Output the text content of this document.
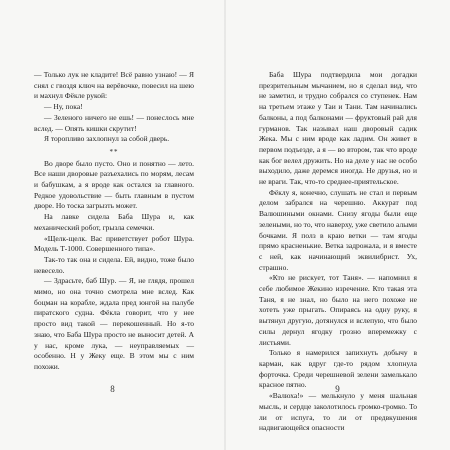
— Только лук не кладите! Всё равно узнаю! — Я снял с гвоздя ключ на верёвочке, повесил на шею и махнул Фёкле рукой:

— Ну, пока!

— Зеленого ничего не ешь! — понеслось мне вслед. — Опять кишки скрутит!

Я торопливо захлопнул за собой дверь.

**

Во дворе было пусто. Оно и понятно — лето. Все наши дворовые разъехались по морям, лесам и бабушкам, а я вроде как остался за главного. Редкое удовольствие — быть главным в пустом дворе. Но тоска загрызть может.

На лавке сидела Баба Шура и, как механический робот, грызла семечки.

«Щелк-щелк. Вас приветствует робот Шура. Модель Т-1000. Совершенного типа».

Так-то так она и сидела. Ей, видно, тоже было невесело.

— Здрасьте, баб Шур. — Я, не глядя, прошел мимо, но она точно смотрела мне вслед. Как боцман на корабле, ждала пред юнгой на палубе пиратского судна. Фёкла говорит, что у нее просто вид такой — перекошенный. Но я-то знаю, что Баба Шура просто не выносит детей. А у нас, кроме лука, — неуправляемых — особенно. Н у Жеку еще. В этом мы с ним похожи.

8

Баба Шура подтвердила мои догадки презрительным мычанием, но я сделал вид, что не заметил, и трудно собрался со ступенек. Нам на третьем этаже у Таи и Тани. Там начинались балконы, а под балконами — фруктовый рай для гурманов. Так называл наш дворовый садик Жека. Мы с ним вроде как ладим. Он живет в первом подъезде, а я — во втором, так что вроде как бог велел дружить. Но на деле у нас не особо выходило, даже деремся иногда. Не друзья, но и не враги. Так, что-то среднее-приятельское.

Фёклу я, конечно, слушать не стал и первым делом забрался на черешню. Аккурат под Валюшиными окнами. Снизу ягоды были еще зелеными, но то, что наверху, уже светило алыми бочками. Я полз в краю ветки — там ягоды прямо красненькие. Ветка задрожала, и я вместе с ней, как начинающий эквилибрист. Ух, страшно.

«Кто не рискует, тот Таня». — напомнил я себе любимое Жекино изречение. Кто такая эта Таня, я не знал, но было на него похоже не хотеть уже прыгать. Опираясь на одну руку, я вытянул другую, дотянулся и вслепую, что было силы дернул ягодку грозно вперемежку с листьями.

Только я намерился запихнуть добычу в карман, как вдруг где-то рядом хлопнула форточка. Среди черешневой зелени замелькало красное пятно.

«Валюха!» — мелькнуло у меня шальная мысль, и сердце заколотилось громко-громко. То ли от испуга, то ли от предвкушения надвигающейся опасности

9
